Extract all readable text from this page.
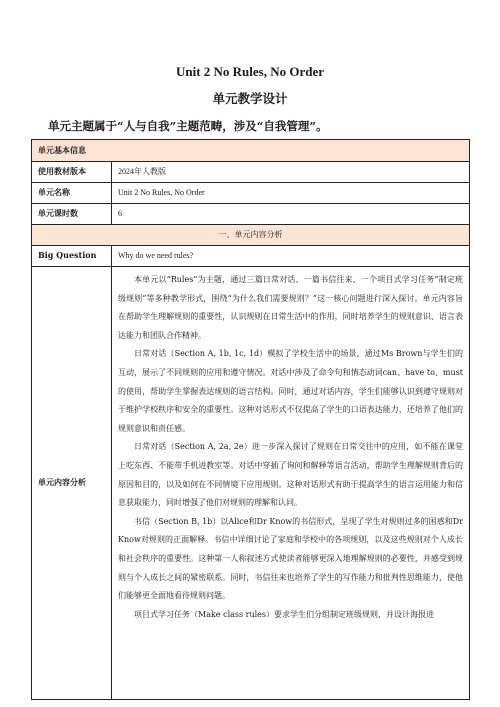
Unit 2 No Rules, No Order
单元教学设计
单元主题属于“人与自我”主题范畴，涉及“自我管理”。
单元基本信息	
使用教材版本	2024年人教版
单元名称	Unit 2 No Rules, No Order
单元课时数	6
一、单元内容分析	
Big Question	Why do we need rules?
单元内容分析	本单元以“Rules”为主题，通过三篇日常对话、一篇书信往来、一个项目式学习任务“制定班级规则”等多种教学形式，围绕“为什么我们需要规则？”这一核心问题进行深入探讨。单元内容旨在帮助学生理解规则的重要性，认识规则在日常生活中的作用，同时培养学生的规则意识、语言表达能力和团队合作精神。

日常对话（Section A, 1b, 1c, 1d）模拟了学校生活中的场景，通过Ms Brown与学生们的互动，展示了不同规则的应用和遵守情况。对话中涉及了命令句和情态动词can、have to、must的使用，帮助学生掌握表达规则的语言结构。同时，通过对话内容，学生们能够认识到遵守规则对于维护学校秩序和安全的重要性。这种对话形式不仅提高了学生的口语表达能力，还培养了他们的规则意识和责任感。

日常对话（Section A, 2a, 2e）进一步深入探讨了规则在日常交往中的应用，如不能在课堂上吃东西、不能带手机进教室等。对话中穿插了询问和解释等语言活动，帮助学生理解规则背后的原因和目的，以及如何在不同情境下应用规则。这种对话形式有助于提高学生的语言运用能力和信息获取能力，同时增强了他们对规则的理解和认同。

书信（Section B, 1b）以Alice和Dr Know的书信形式，呈现了学生对规则过多的困惑和Dr Know对规则的正面解释。书信中详细讨论了家庭和学校中的各项规则，以及这些规则对个人成长和社会秩序的重要性。这种第一人称叙述方式使读者能够更深入地理解规则的必要性，并感受到规则与个人成长之间的紧密联系。同时，书信往来也培养了学生的写作能力和批判性思维能力，使他们能够更全面地看待规则问题。

项目式学习任务（Make class rules）要求学生们分组制定班级规则，并设计海报进
